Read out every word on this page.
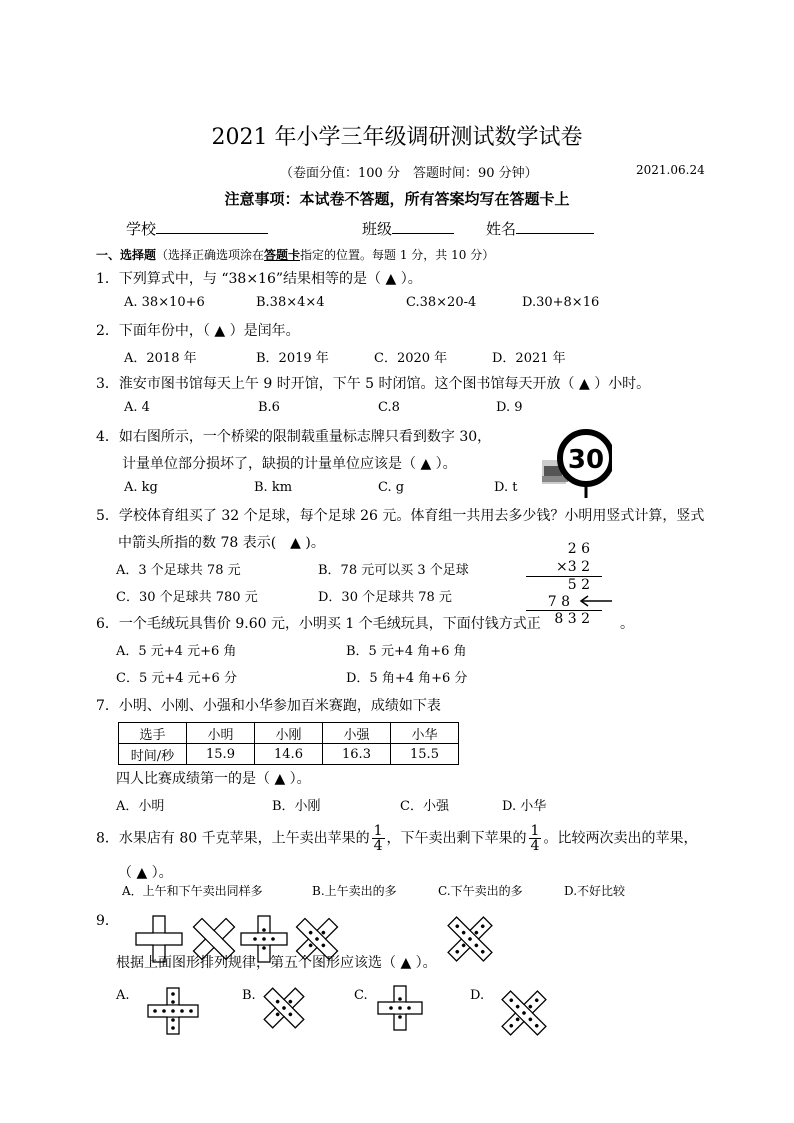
2021 年小学三年级调研测试数学试卷
（卷面分值：100 分　答题时间：90 分钟）	2021.06.24
注意事项：本试卷不答题，所有答案均写在答题卡上
学校	班级	姓名
一、选择题（选择正确选项涂在答题卡指定的位置。每题 1 分，共 10 分）
1．下列算式中，与 “38×16”结果相等的是（ ▲ ）。
A. 38×10+6	B.38×4×4	C.38×20-4	D.30+8×16
2．下面年份中，（ ▲ ）是闰年。
A．2018 年	B．2019 年	C．2020 年	D．2021 年
3．淮安市图书馆每天上午 9 时开馆，下午 5 时闭馆。这个图书馆每天开放（ ▲ ）小时。
A. 4	B.6	C.8	D. 9
4．如右图所示，一个桥梁的限制载重量标志牌只看到数字 30，
计量单位部分损坏了，缺损的计量单位应该是（ ▲ ）。
A. kg	B. km	C. g	D. t
30
5．学校体育组买了 32 个足球，每个足球 26 元。体育组一共用去多少钱？小明用竖式计算，竖式
中箭头所指的数 78 表示(　▲ )。
A．3 个足球共 78 元	B．78 元可以买 3 个足球
C．30 个足球共 780 元	D．30 个足球共 78 元
2 6
×3 2
5 2
7 8
8 3 2
6．一个毛绒玩具售价 9.60 元，小明买 1 个毛绒玩具，下面付钱方式正	。
A．5 元+4 元+6 角	B．5 元+4 角+6 角
C．5 元+4 元+6 分	D．5 角+4 角+6 分
7．小明、小刚、小强和小华参加百米赛跑，成绩如下表
选手	小明	小刚	小强	小华
时间/秒	15.9	14.6	16.3	15.5
四人比赛成绩第一的是（ ▲ ）。
A．小明	B．小刚	C．小强	D. 小华
8．水果店有 80 千克苹果，上午卖出苹果的 $\frac{1}{4}$ ，下午卖出剩下苹果的 $\frac{1}{4}$ 。比较两次卖出的苹果，
（ ▲ ）。
A．上午和下午卖出同样多	B.上午卖出的多	C.下午卖出的多	D.不好比较
9．
根据上面图形排列规律，第五个图形应该选（ ▲ ）。
A.	B.	C.	D.
